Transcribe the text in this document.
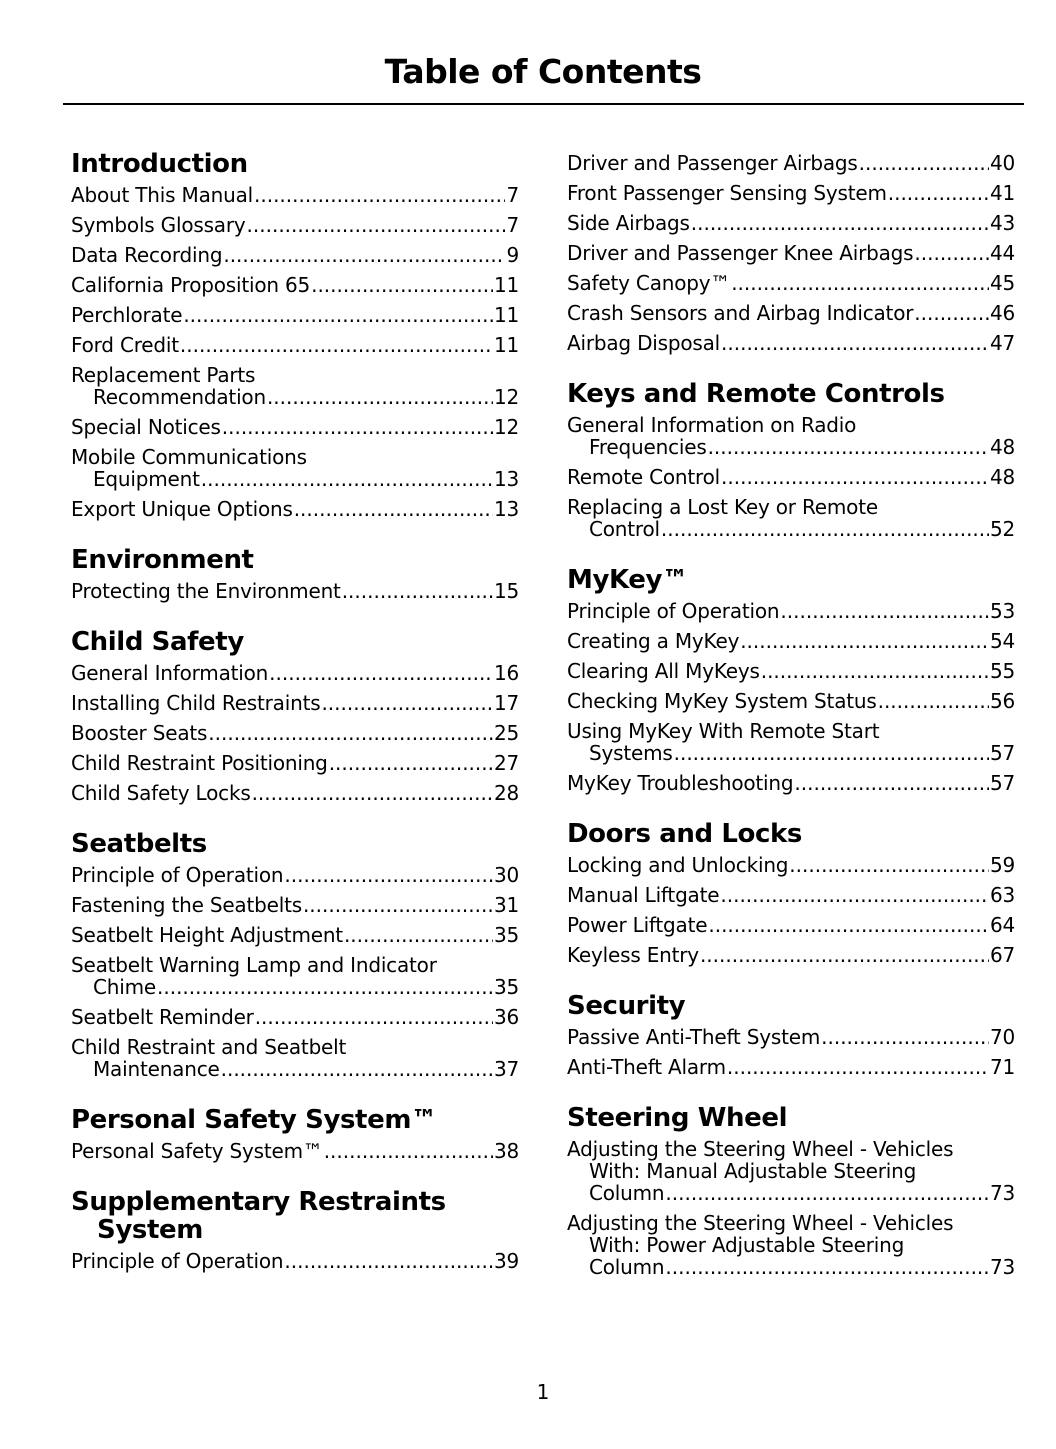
Table of Contents
Introduction
About This Manual .....	7
Symbols Glossary .....	7
Data Recording .....	9
California Proposition 65 .....	11
Perchlorate .....	11
Ford Credit .....	11
Replacement Parts
Recommendation .....	12
Special Notices .....	12
Mobile Communications
Equipment .....	13
Export Unique Options .....	13
Environment
Protecting the Environment .....	15
Child Safety
General Information .....	16
Installing Child Restraints .....	17
Booster Seats .....	25
Child Restraint Positioning .....	27
Child Safety Locks .....	28
Seatbelts
Principle of Operation .....	30
Fastening the Seatbelts .....	31
Seatbelt Height Adjustment .....	35
Seatbelt Warning Lamp and Indicator
Chime .....	35
Seatbelt Reminder .....	36
Child Restraint and Seatbelt
Maintenance .....	37
Personal Safety System™
Personal Safety System™ .....	38
Supplementary Restraints
System
Principle of Operation .....	39
Driver and Passenger Airbags .....	40
Front Passenger Sensing System .....	41
Side Airbags .....	43
Driver and Passenger Knee Airbags .....	44
Safety Canopy™ .....	45
Crash Sensors and Airbag Indicator .....	46
Airbag Disposal .....	47
Keys and Remote Controls
General Information on Radio
Frequencies .....	48
Remote Control .....	48
Replacing a Lost Key or Remote
Control .....	52
MyKey™
Principle of Operation .....	53
Creating a MyKey .....	54
Clearing All MyKeys .....	55
Checking MyKey System Status .....	56
Using MyKey With Remote Start
Systems .....	57
MyKey Troubleshooting .....	57
Doors and Locks
Locking and Unlocking .....	59
Manual Liftgate .....	63
Power Liftgate .....	64
Keyless Entry .....	67
Security
Passive Anti-Theft System .....	70
Anti-Theft Alarm .....	71
Steering Wheel
Adjusting the Steering Wheel - Vehicles
With: Manual Adjustable Steering
Column .....	73
Adjusting the Steering Wheel - Vehicles
With: Power Adjustable Steering
Column .....	73
1
